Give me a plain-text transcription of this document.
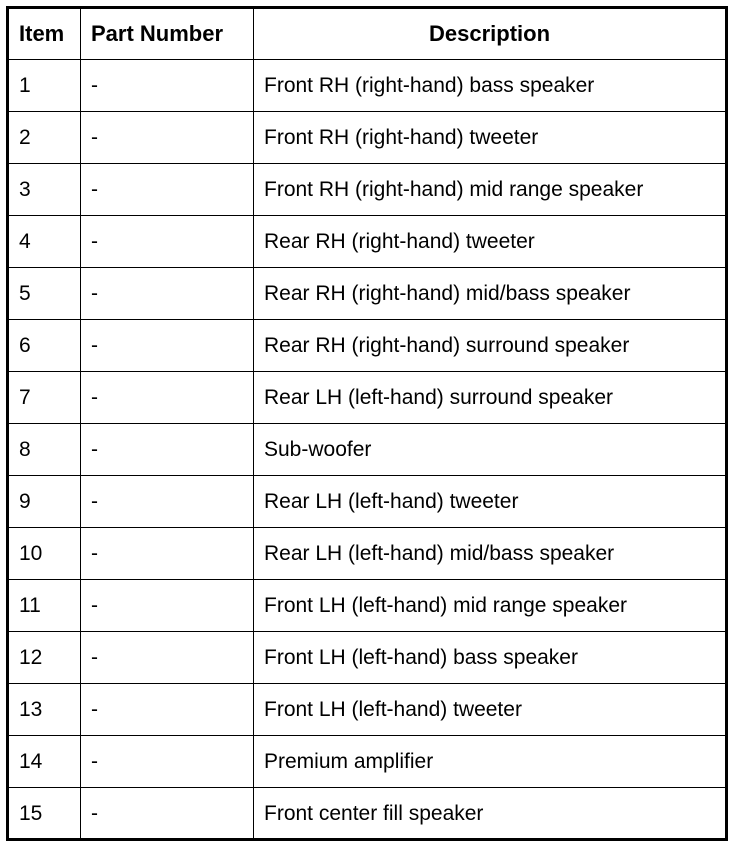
Item	Part Number	Description
1	-	Front RH (right-hand) bass speaker
2	-	Front RH (right-hand) tweeter
3	-	Front RH (right-hand) mid range speaker
4	-	Rear RH (right-hand) tweeter
5	-	Rear RH (right-hand) mid/bass speaker
6	-	Rear RH (right-hand) surround speaker
7	-	Rear LH (left-hand) surround speaker
8	-	Sub-woofer
9	-	Rear LH (left-hand) tweeter
10	-	Rear LH (left-hand) mid/bass speaker
11	-	Front LH (left-hand) mid range speaker
12	-	Front LH (left-hand) bass speaker
13	-	Front LH (left-hand) tweeter
14	-	Premium amplifier
15	-	Front center fill speaker
